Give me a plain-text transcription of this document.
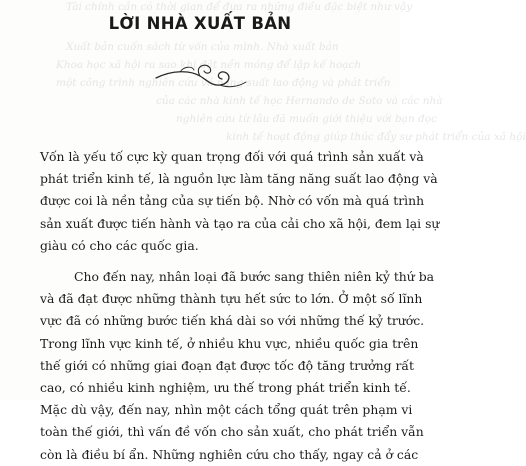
Tài chính cần có thời gian để đưa ra những điều đặc biệt như vậy
Xuất bản cuốn sách từ vốn của mình. Nhà xuất bản
Khoa học xã hội ra sao khi đặt nền móng để lập kế hoạch
một công trình nghiên cứu về năng suất lao động và phát triển
của các nhà kinh tế học Hernando de Soto và các nhà
nghiên cứu từ lâu đã muốn giới thiệu với bạn đọc
kinh tế hoạt động giúp thúc đẩy sự phát triển của xã hội
LỜI NHÀ XUẤT BẢN
Vốn là yếu tố cực kỳ quan trọng đối với quá trình sản xuất và
phát triển kinh tế, là nguồn lực làm tăng năng suất lao động và
được coi là nền tảng của sự tiến bộ. Nhờ có vốn mà quá trình
sản xuất được tiến hành và tạo ra của cải cho xã hội, đem lại sự
giàu có cho các quốc gia.
Cho đến nay, nhân loại đã bước sang thiên niên kỷ thứ ba
và đã đạt được những thành tựu hết sức to lớn. Ở một số lĩnh
vực đã có những bước tiến khá dài so với những thế kỷ trước.
Trong lĩnh vực kinh tế, ở nhiều khu vực, nhiều quốc gia trên
thế giới có những giai đoạn đạt được tốc độ tăng trưởng rất
cao, có nhiều kinh nghiệm, ưu thế trong phát triển kinh tế.
Mặc dù vậy, đến nay, nhìn một cách tổng quát trên phạm vi
toàn thế giới, thì vấn đề vốn cho sản xuất, cho phát triển vẫn
còn là điều bí ẩn. Những nghiên cứu cho thấy, ngay cả ở các
